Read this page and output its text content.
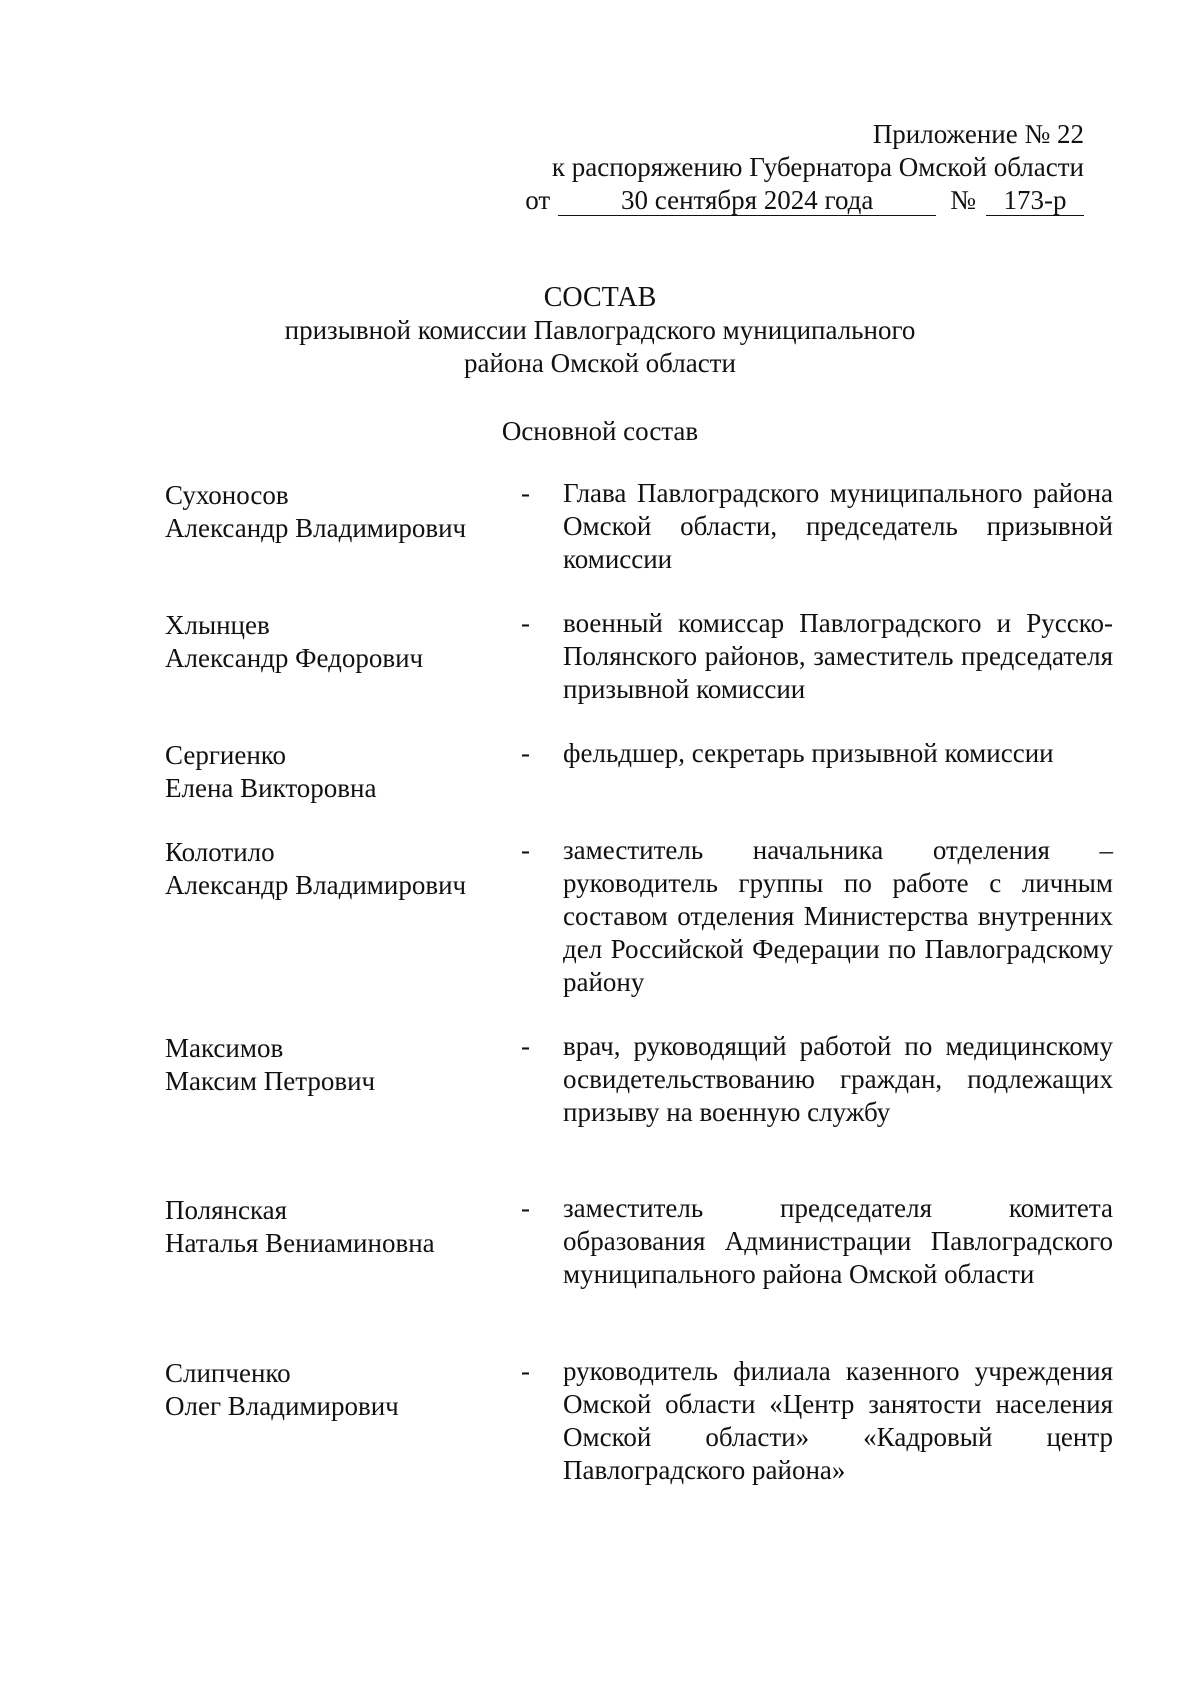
Приложение № 22
к распоряжению Губернатора Омской области
от	30 сентября 2024 года	№	173-р
СОСТАВ
призывной комиссии Павлоградского муниципального
района Омской области
Основной состав
Сухоносов
Александр Владимирович
-	Глава Павлоградского муниципального района Омской области, председатель призывной комиссии
Хлынцев
Александр Федорович
-	военный комиссар Павлоградского и Русско-Полянского районов, заместитель председателя призывной комиссии
Сергиенко
Елена Викторовна
-	фельдшер, секретарь призывной комиссии
Колотило
Александр Владимирович
-	заместитель начальника отделения – руководитель группы по работе с личным составом отделения Министерства внутренних дел Российской Федерации по Павлоградскому району
Максимов
Максим Петрович
-	врач, руководящий работой по медицинскому освидетельствованию граждан, подлежащих призыву на военную службу
Полянская
Наталья Вениаминовна
-	заместитель председателя комитета образования Администрации Павлоградского муниципального района Омской области
Слипченко
Олег Владимирович
-	руководитель филиала казенного учреждения Омской области «Центр занятости населения Омской области» «Кадровый центр Павлоградского района»
